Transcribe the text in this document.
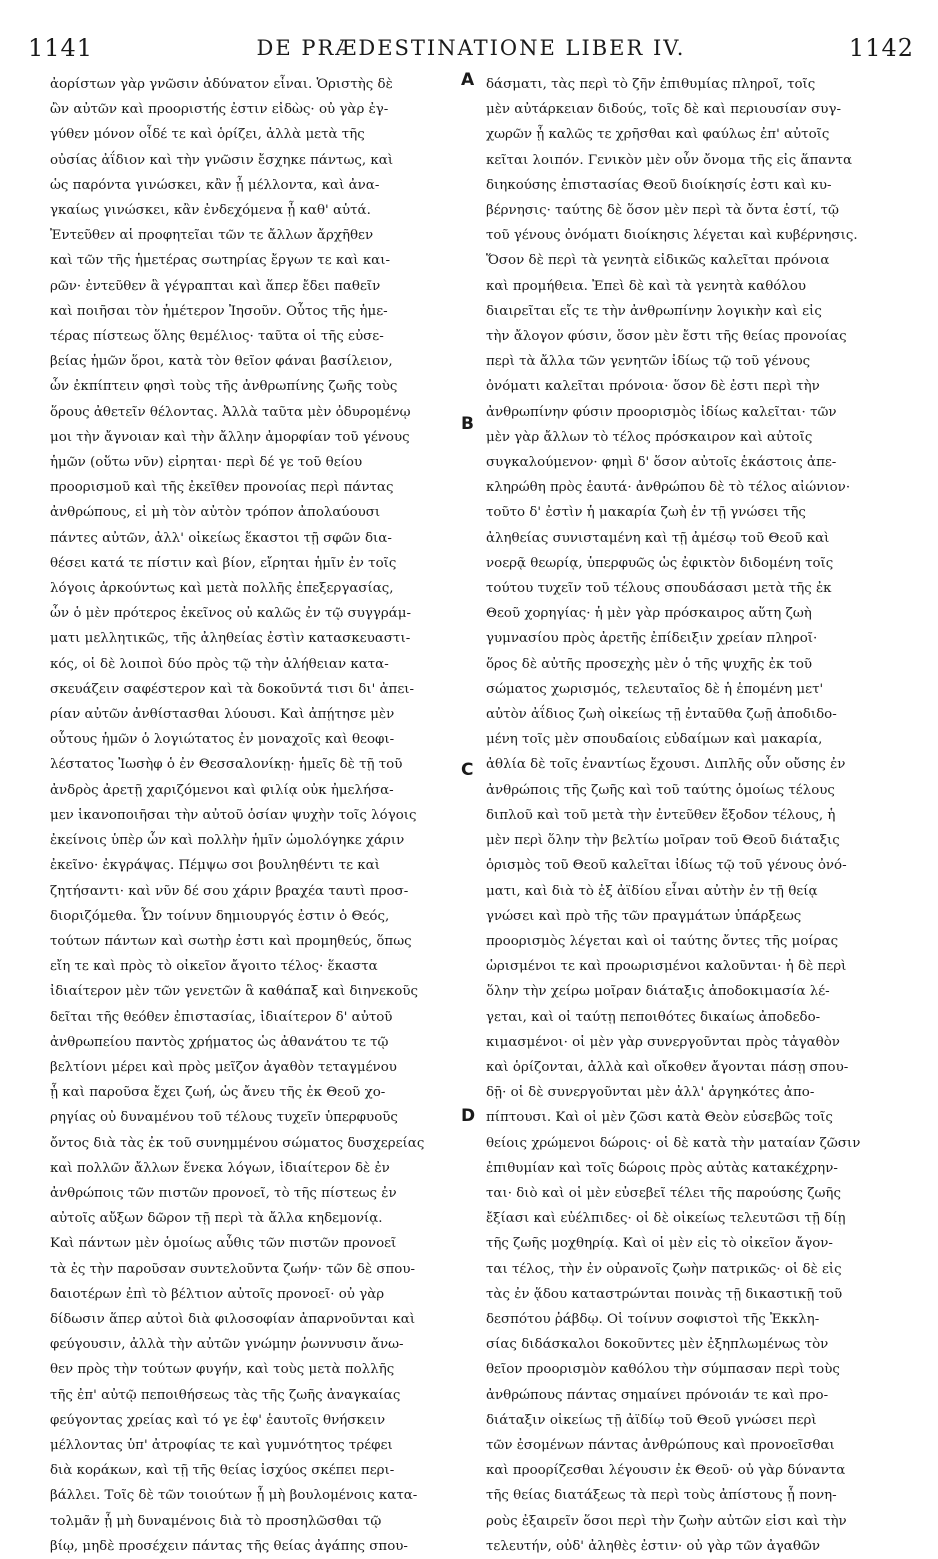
1141	DE PRÆDESTINATIONE LIBER IV.	1142
ἀορίστων γὰρ γνῶσιν ἀδύνατον εἶναι. Ὁριστὴς δὲ
ὢν αὐτῶν καὶ προοριστής ἐστιν εἰδὼς· οὐ γὰρ ἐγ-
γύθεν μόνον οἶδέ τε καὶ ὁρίζει, ἀλλὰ μετὰ τῆς
οὐσίας ἀΐδιον καὶ τὴν γνῶσιν ἔσχηκε πάντως, καὶ
ὡς παρόντα γινώσκει, κἂν ᾖ μέλλοντα, καὶ ἀνα-
γκαίως γινώσκει, κἂν ἐνδεχόμενα ᾖ καθ' αὑτά.
Ἐντεῦθεν αἱ προφητεῖαι τῶν τε ἄλλων ἄρχῆθεν
καὶ τῶν τῆς ἡμετέρας σωτηρίας ἔργων τε καὶ και-
ρῶν· ἐντεῦθεν ἃ γέγραπται καὶ ἅπερ ἔδει παθεῖν
καὶ ποιῆσαι τὸν ἡμέτερον Ἰησοῦν. Οὗτος τῆς ἡμε-
τέρας πίστεως ὅλης θεμέλιος· ταῦτα οἱ τῆς εὐσε-
βείας ἡμῶν ὅροι, κατὰ τὸν θεῖον φάναι βασίλειον,
ὧν ἐκπίπτειν φησὶ τοὺς τῆς ἀνθρωπίνης ζωῆς τοὺς
ὅρους ἀθετεῖν θέλοντας. Ἀλλὰ ταῦτα μὲν ὀδυρομένῳ
μοι τὴν ἄγνοιαν καὶ τὴν ἄλλην ἀμορφίαν τοῦ γένους
ἡμῶν (οὕτω νῦν) εἰρηται· περὶ δέ γε τοῦ θείου
προορισμοῦ καὶ τῆς ἐκεῖθεν προνοίας περὶ πάντας
ἀνθρώπους, εἰ μὴ τὸν αὐτὸν τρόπον ἀπολαύουσι
πάντες αὐτῶν, ἀλλ' οἰκείως ἕκαστοι τῇ σφῶν δια-
θέσει κατά τε πίστιν καὶ βίον, εἴρηται ἡμῖν ἐν τοῖς
λόγοις ἀρκούντως καὶ μετὰ πολλῆς ἐπεξεργασίας,
ὧν ὁ μὲν πρότερος ἐκεῖνος οὐ καλῶς ἐν τῷ συγγράμ-
ματι μελλητικῶς, τῆς ἀληθείας ἐστὶν κατασκευαστι-
κός, οἱ δὲ λοιποὶ δύο πρὸς τῷ τὴν ἀλήθειαν κατα-
σκευάζειν σαφέστερον καὶ τὰ δοκοῦντά τισι δι' ἀπει-
ρίαν αὐτῶν ἀνθίστασθαι λύουσι. Καὶ ἀπῄτησε μὲν
οὗτους ἡμῶν ὁ λογιώτατος ἐν μοναχοῖς καὶ θεοφι-
λέστατος Ἰωσὴφ ὁ ἐν Θεσσαλονίκῃ· ἡμεῖς δὲ τῇ τοῦ
ἀνδρὸς ἀρετῇ χαριζόμενοι καὶ φιλίᾳ οὐκ ἠμελήσα-
μεν ἱκανοποιῆσαι τὴν αὐτοῦ ὁσίαν ψυχὴν τοῖς λόγοις
ἐκείνοις ὑπὲρ ὧν καὶ πολλὴν ἡμῖν ὡμολόγηκε χάριν
ἐκεῖνο· ἐκγράψας. Πέμψω σοι βουληθέντι τε καὶ
ζητήσαντι· καὶ νῦν δέ σου χάριν βραχέα ταυτὶ προσ-
διοριζόμεθα. Ὧν τοίνυν δημιουργός ἐστιν ὁ Θεός,
τούτων πάντων καὶ σωτὴρ ἐστι καὶ προμηθεύς, ὅπως
εἴη τε καὶ πρὸς τὸ οἰκεῖον ἄγοιτο τέλος· ἕκαστα
ἰδιαίτερον μὲν τῶν γενετῶν ἃ καθάπαξ καὶ διηνεκοῦς
δεῖται τῆς θεόθεν ἐπιστασίας, ἰδιαίτερον δ' αὐτοῦ
ἀνθρωπείου παντὸς χρήματος ὡς ἀθανάτου τε τῷ
βελτίονι μέρει καὶ πρὸς μεῖζον ἀγαθὸν τεταγμένου
ᾗ καὶ παροῦσα ἔχει ζωή, ὡς ἄνευ τῆς ἐκ Θεοῦ χο-
ρηγίας οὐ δυναμένου τοῦ τέλους τυχεῖν ὑπερφυοῦς
ὄντος διὰ τὰς ἐκ τοῦ συνημμένου σώματος δυσχερείας
καὶ πολλῶν ἄλλων ἕνεκα λόγων, ἰδιαίτερον δὲ ἐν
ἀνθρώποις τῶν πιστῶν προνοεῖ, τὸ τῆς πίστεως ἐν
αὐτοῖς αὔξων δῶρον τῇ περὶ τὰ ἄλλα κηδεμονίᾳ.
Καὶ πάντων μὲν ὁμοίως αὖθις τῶν πιστῶν προνοεῖ
τὰ ἐς τὴν παροῦσαν συντελοῦντα ζωήν· τῶν δὲ σπου-
δαιοτέρων ἐπὶ τὸ βέλτιον αὐτοῖς προνοεῖ· οὐ γὰρ
δίδωσιν ἅπερ αὐτοὶ διὰ φιλοσοφίαν ἀπαρνοῦνται καὶ
φεύγουσιν, ἀλλὰ τὴν αὐτῶν γνώμην ῥωννυσιν ἄνω-
θεν πρὸς τὴν τούτων φυγήν, καὶ τοὺς μετὰ πολλῆς
τῆς ἐπ' αὐτῷ πεποιθήσεως τὰς τῆς ζωῆς ἀναγκαίας
φεύγοντας χρείας καὶ τό γε ἐφ' ἑαυτοῖς θνήσκειν
μέλλοντας ὑπ' ἀτροφίας τε καὶ γυμνότητος τρέφει
διὰ κοράκων, καὶ τῇ τῆς θείας ἰσχύος σκέπει περι-
βάλλει. Τοῖς δὲ τῶν τοιούτων ᾗ μὴ βουλομένοις κατα-
τολμᾶν ᾗ μὴ δυναμένοις διὰ τὸ προσηλῶσθαι τῷ
βίῳ, μηδὲ προσέχειν πάντας τῆς θείας ἀγάπης σπου-
δάσματι, τὰς περὶ τὸ ζῆν ἐπιθυμίας πληροῖ, τοῖς
μὲν αὐτάρκειαν διδούς, τοῖς δὲ καὶ περιουσίαν συγ-
χωρῶν ᾗ καλῶς τε χρῆσθαι καὶ φαύλως ἐπ' αὐτοῖς
κεῖται λοιπόν. Γενικὸν μὲν οὖν ὄνομα τῆς εἰς ἅπαντα
διηκούσης ἐπιστασίας Θεοῦ διοίκησίς ἐστι καὶ κυ-
βέρνησις· ταύτης δὲ ὅσον μὲν περὶ τὰ ὄντα ἐστί, τῷ
τοῦ γένους ὀνόματι διοίκησις λέγεται καὶ κυβέρνησις.
Ὅσον δὲ περὶ τὰ γενητὰ εἰδικῶς καλεῖται πρόνοια
καὶ προμήθεια. Ἐπεὶ δὲ καὶ τὰ γενητὰ καθόλου
διαιρεῖται εἴς τε τὴν ἀνθρωπίνην λογικὴν καὶ εἰς
τὴν ἄλογον φύσιν, ὅσον μὲν ἔστι τῆς θείας προνοίας
περὶ τὰ ἄλλα τῶν γενητῶν ἰδίως τῷ τοῦ γένους
ὀνόματι καλεῖται πρόνοια· ὅσον δὲ ἐστι περὶ τὴν
ἀνθρωπίνην φύσιν προορισμὸς ἰδίως καλεῖται· τῶν
μὲν γὰρ ἄλλων τὸ τέλος πρόσκαιρον καὶ αὐτοῖς
συγκαλούμενον· φημὶ δ' ὅσον αὐτοῖς ἑκάστοις ἀπε-
κληρώθη πρὸς ἑαυτά· ἀνθρώπου δὲ τὸ τέλος αἰώνιον·
τοῦτο δ' ἐστὶν ἡ μακαρία ζωὴ ἐν τῇ γνώσει τῆς
ἀληθείας συνισταμένη καὶ τῇ ἀμέσῳ τοῦ Θεοῦ καὶ
νοερᾷ θεωρίᾳ, ὑπερφυῶς ὡς ἐφικτὸν διδομένη τοῖς
τούτου τυχεῖν τοῦ τέλους σπουδάσασι μετὰ τῆς ἐκ
Θεοῦ χορηγίας· ἡ μὲν γὰρ πρόσκαιρος αὕτη ζωὴ
γυμνασίου πρὸς ἀρετῆς ἐπίδειξιν χρείαν πληροῖ·
ὅρος δὲ αὐτῆς προσεχὴς μὲν ὁ τῆς ψυχῆς ἐκ τοῦ
σώματος χωρισμός, τελευταῖος δὲ ἡ ἑπομένη μετ'
αὐτὸν ἀΐδιος ζωὴ οἰκείως τῇ ἐνταῦθα ζωῇ ἀποδιδο-
μένη τοῖς μὲν σπουδαίοις εὐδαίμων καὶ μακαρία,
ἀθλία δὲ τοῖς ἐναντίως ἔχουσι. Διπλῆς οὖν οὔσης ἐν
ἀνθρώποις τῆς ζωῆς καὶ τοῦ ταύτης ὁμοίως τέλους
διπλοῦ καὶ τοῦ μετὰ τὴν ἐντεῦθεν ἔξοδον τέλους, ἡ
μὲν περὶ ὅλην τὴν βελτίω μοῖραν τοῦ Θεοῦ διάταξις
ὁρισμὸς τοῦ Θεοῦ καλεῖται ἰδίως τῷ τοῦ γένους ὀνό-
ματι, καὶ διὰ τὸ ἐξ ἀϊδίου εἶναι αὐτὴν ἐν τῇ θείᾳ
γνώσει καὶ πρὸ τῆς τῶν πραγμάτων ὑπάρξεως
προορισμὸς λέγεται καὶ οἱ ταύτης ὄντες τῆς μοίρας
ὡρισμένοι τε καὶ προωρισμένοι καλοῦνται· ἡ δὲ περὶ
ὅλην τὴν χείρω μοῖραν διάταξις ἀποδοκιμασία λέ-
γεται, καὶ οἱ ταύτῃ πεποιθότες δικαίως ἀποδεδο-
κιμασμένοι· οἱ μὲν γὰρ συνεργοῦνται πρὸς τἀγαθὸν
καὶ ὁρίζονται, ἀλλὰ καὶ οἴκοθεν ἄγονται πάσῃ σπου-
δῇ· οἱ δὲ συνεργοῦνται μὲν ἀλλ' ἀργηκότες ἀπο-
πίπτουσι. Καὶ οἱ μὲν ζῶσι κατὰ Θεὸν εὐσεβῶς τοῖς
θείοις χρώμενοι δώροις· οἱ δὲ κατὰ τὴν ματαίαν ζῶσιν
ἐπιθυμίαν καὶ τοῖς δώροις πρὸς αὐτὰς κατακέχρην-
ται· διὸ καὶ οἱ μὲν εὐσεβεῖ τέλει τῆς παρούσης ζωῆς
ἔξίασι καὶ εὐέλπιδες· οἱ δὲ οἰκείως τελευτῶσι τῇ δίῃ
τῆς ζωῆς μοχθηρίᾳ. Καὶ οἱ μὲν εἰς τὸ οἰκεῖον ἄγον-
ται τέλος, τὴν ἐν οὐρανοῖς ζωὴν πατρικῶς· οἱ δὲ εἰς
τὰς ἐν ᾅδου καταστρώνται ποινὰς τῇ δικαστικῇ τοῦ
δεσπότου ῥάβδῳ. Οἱ τοίνυν σοφιστοὶ τῆς Ἐκκλη-
σίας διδάσκαλοι δοκοῦντες μὲν ἐξηπλωμένως τὸν
θεῖον προορισμὸν καθόλου τὴν σύμπασαν περὶ τοὺς
ἀνθρώπους πάντας σημαίνει πρόνοιάν τε καὶ προ-
διάταξιν οἰκείως τῇ ἀϊδίῳ τοῦ Θεοῦ γνώσει περὶ
τῶν ἐσομένων πάντας ἀνθρώπους καὶ προνοεῖσθαι
καὶ προορίζεσθαι λέγουσιν ἐκ Θεοῦ· οὐ γὰρ δύναντα
τῆς θείας διατάξεως τὰ περὶ τοὺς ἀπίστους ᾗ πονη-
ροὺς ἐξαιρεῖν ὅσοι περὶ τὴν ζωὴν αὐτῶν εἰσι καὶ τὴν
τελευτήν, οὐδ' ἀληθὲς ἐστιν· οὐ γὰρ τῶν ἀγαθῶν
A
B
C
D
